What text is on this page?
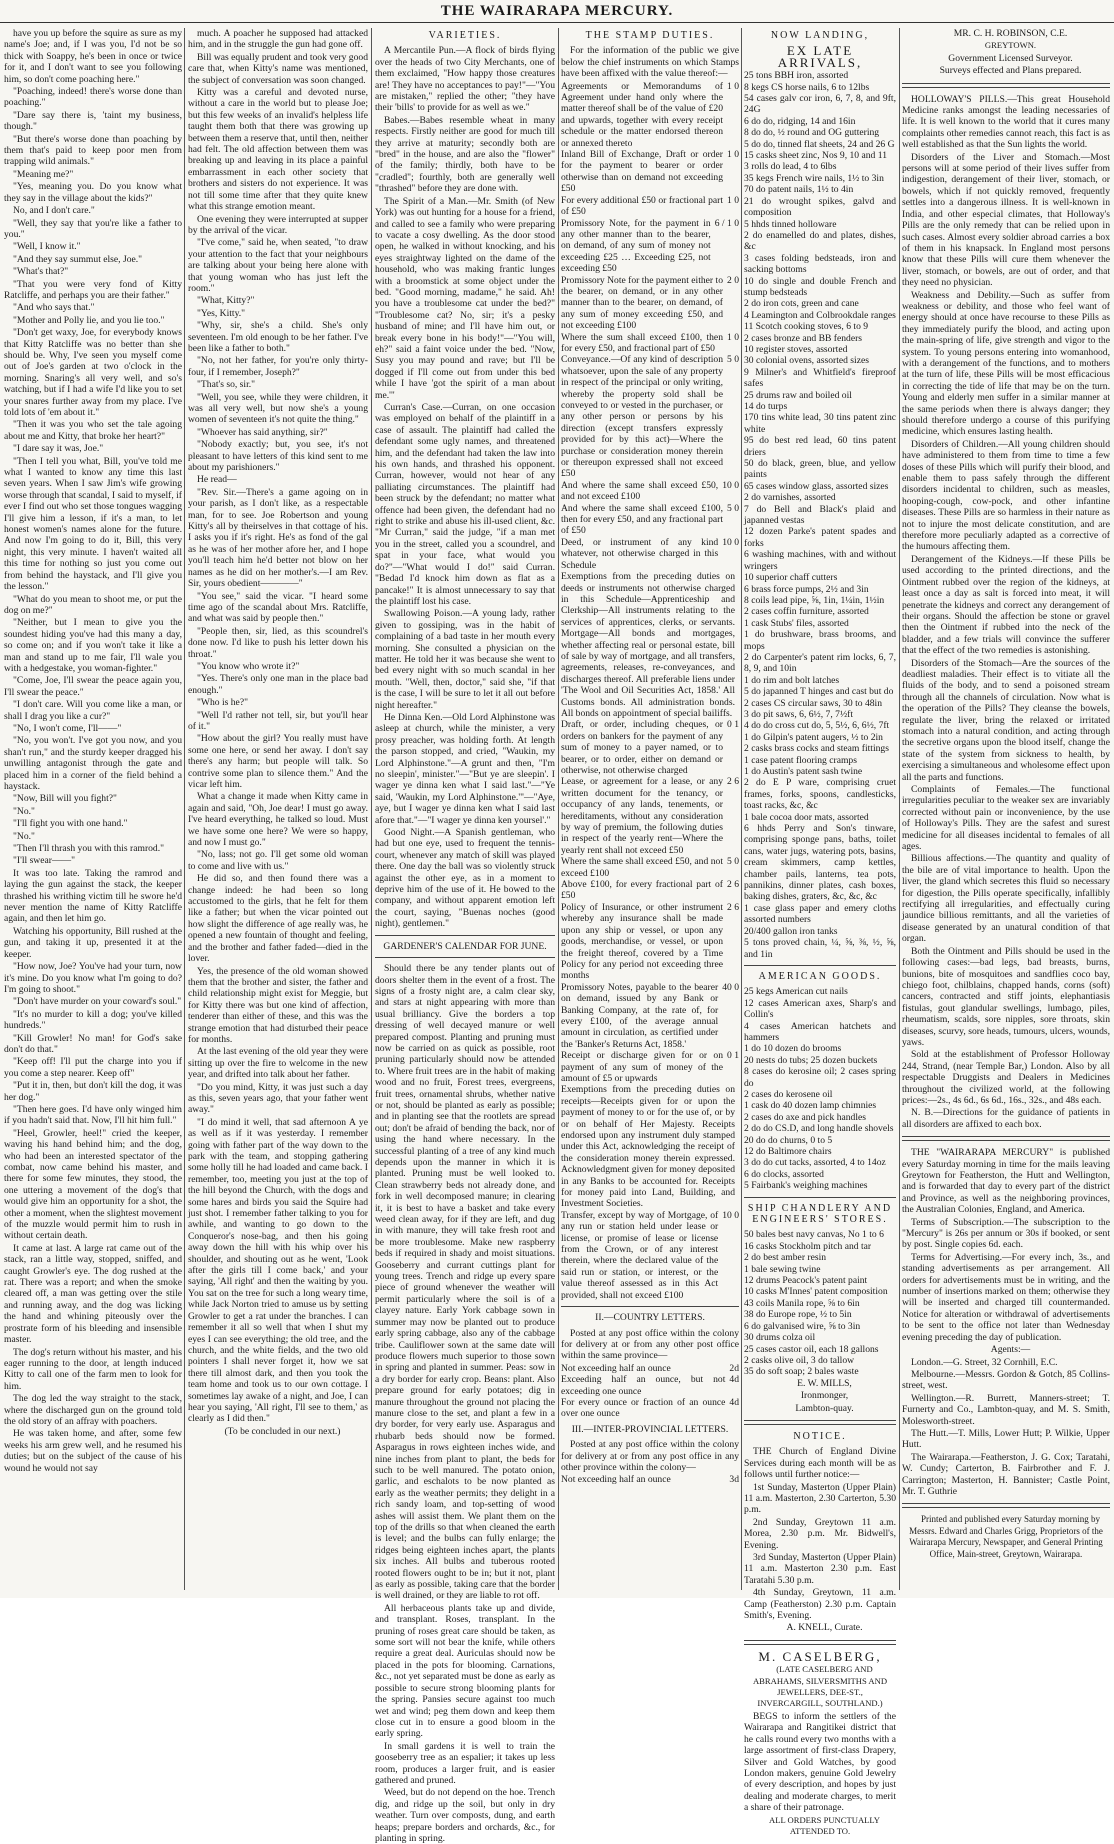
THE WAIRARAPA MERCURY.

have you up before the squire as sure as my name's Joe; and, if I was you, I'd not be so thick with Soappy, he's been in once or twice for it, and I don't want to see you following him, so don't come poaching here."

"Poaching, indeed! there's worse done than poaching."

"Dare say there is, 'taint my business, though."

"But there's worse done than poaching by them that's paid to keep poor men from trapping wild animals."

"Meaning me?"

"Yes, meaning you. Do you know what they say in the village about the kids?"

No, and I don't care."

"Well, they say that you're like a father to you."

"Well, I know it."

"And they say summut else, Joe."

"What's that?"

"That you were very fond of Kitty Ratcliffe, and perhaps you are their father."

"And who says that."

"Mother and Polly lie, and you lie too."

"Don't get waxy, Joe, for everybody knows that Kitty Ratcliffe was no better than she should be. Why, I've seen you myself come out of Joe's garden at two o'clock in the morning. Snaring's all very well, and so's watching, but if I had a wife I'd like you to set your snares further away from my place. I've told lots of 'em about it."

"Then it was you who set the tale agoing about me and Kitty, that broke her heart?"

"I dare say it was, Joe."

"Then I tell you what, Bill, you've told me what I wanted to know any time this last seven years. When I saw Jim's wife growing worse through that scandal, I said to myself, if ever I find out who set those tongues wagging I'll give him a lesson, if it's a man, to let honest women's names alone for the future. And now I'm going to do it, Bill, this very night, this very minute. I haven't waited all this time for nothing so just you come out from behind the haystack, and I'll give you the lesson."

"What do you mean to shoot me, or put the dog on me?"

"Neither, but I mean to give you the soundest hiding you've had this many a day, so come on; and if you won't take it like a man and stand up to me fair, I'll wale you with a hedgestake, you woman-fighter."

"Come, Joe, I'll swear the peace again you, I'll swear the peace."

"I don't care. Will you come like a man, or shall I drag you like a cur?"

"No, I won't come, I'll——"

"No, you won't. I've got you now, and you shan't run," and the sturdy keeper dragged his unwilling antagonist through the gate and placed him in a corner of the field behind a haystack.

"Now, Bill will you fight?"

"No."

"I'll fight you with one hand."

"No."

"Then I'll thrash you with this ramrod."

"I'll swear——"

It was too late. Taking the ramrod and laying the gun against the stack, the keeper thrashed his writhing victim till he swore he'd never mention the name of Kitty Ratcliffe again, and then let him go.

Watching his opportunity, Bill rushed at the gun, and taking it up, presented it at the keeper.

"How now, Joe? You've had your turn, now it's mine. Do you know what I'm going to do? I'm going to shoot."

"Don't have murder on your coward's soul."

"It's no murder to kill a dog; you've killed hundreds."

"Kill Growler! No man! for God's sake don't do that."

"Keep off! I'll put the charge into you if you come a step nearer. Keep off"

"Put it in, then, but don't kill the dog, it was her dog."

"Then here goes. I'd have only winged him if you hadn't said that. Now, I'll hit him full."

"Heel, Growler, heel!" cried the keeper, waving his hand behind him; and the dog, who had been an interested spectator of the combat, now came behind his master, and there for some few minutes, they stood, the one uttering a movement of the dog's that would give him an opportunity for a shot, the other a moment, when the slightest movement of the muzzle would permit him to rush in without certain death.

It came at last. A large rat came out of the stack, ran a little way, stopped, sniffed, and caught Growler's eye. The dog rushed at the rat. There was a report; and when the smoke cleared off, a man was getting over the stile and running away, and the dog was licking the hand and whining piteously over the prostrate form of his bleeding and insensible master.

The dog's return without his master, and his eager running to the door, at length induced Kitty to call one of the farm men to look for him.

The dog led the way straight to the stack, where the discharged gun on the ground told the old story of an affray with poachers.

He was taken home, and after, some few weeks his arm grew well, and he resumed his duties; but on the subject of the cause of his wound he would not say

much. A poacher he supposed had attacked him, and in the struggle the gun had gone off.

Bill was equally prudent and took very good care that, when Kitty's name was mentioned, the subject of conversation was soon changed.

Kitty was a careful and devoted nurse, without a care in the world but to please Joe; but this few weeks of an invalid's helpless life taught them both that there was growing up between them a reserve that, until then, neither had felt. The old affection between them was breaking up and leaving in its place a painful embarrassment in each other society that brothers and sisters do not experience. It was not till some time after that they quite knew what this strange emotion meant.

One evening they were interrupted at supper by the arrival of the vicar.

"I've come," said he, when seated, "to draw your attention to the fact that your neighbours are talking about your being here alone with that young woman who has just left the room."

"What, Kitty?"

"Yes, Kitty."

"Why, sir, she's a child. She's only seventeen. I'm old enough to be her father. I've been like a father to both."

"No, not her father, for you're only thirty-four, if I remember, Joseph?"

"That's so, sir."

"Well, you see, while they were children, it was all very well, but now she's a young women of seventeen it's not quite the thing."

"Whoever has said anything, sir?"

"Nobody exactly; but, you see, it's not pleasant to have letters of this kind sent to me about my parishioners."

He read—

"Rev. Sir.—There's a game agoing on in your parish, as I don't like, as a respectable man, for to see. Joe Robertson and young Kitty's all by theirselves in that cottage of his. I asks you if it's right. He's as fond of the gal as he was of her mother afore her, and I hope you'll teach him he'd better not blow on her names as he did on her mother's.—I am Rev. Sir, yours obedient————"

"You see," said the vicar. "I heard some time ago of the scandal about Mrs. Ratcliffe, and what was said by people then."

"People then, sir, lied, as this scoundrel's done now. I'd like to push his letter down his throat."

"You know who wrote it?"

"Yes. There's only one man in the place bad enough."

"Who is he?"

"Well I'd rather not tell, sir, but you'll hear of it."

"How about the girl? You really must have some one here, or send her away. I don't say there's any harm; but people will talk. So contrive some plan to silence them." And the vicar left him.

What a change it made when Kitty came in again and said, "Oh, Joe dear! I must go away. I've heard everything, he talked so loud. Must we have some one here? We were so happy, and now I must go."

"No, lass; not go. I'll get some old woman to come and live with us."

He did so, and then found there was a change indeed: he had been so long accustomed to the girls, that he felt for them like a father; but when the vicar pointed out how slight the difference of age really was, he opened a new fountain of thought and feeling, and the brother and father faded—died in the lover.

Yes, the presence of the old woman showed them that the brother and sister, the father and child relationship might exist for Meggie, but for Kitty there was but one kind of affection, tenderer than either of these, and this was the strange emotion that had disturbed their peace for months.

At the last evening of the old year they were sitting up over the fire to welcome in the new year, and drifted into talk about her father.

"Do you mind, Kitty, it was just such a day as this, seven years ago, that your father went away."

"I do mind it well, that sad afternoon A ye as well as if it was yesterday. I remember going with father part of the way down to the park with the team, and stopping gathering some holly till he had loaded and came back. I remember, too, meeting you just at the top of the hill beyond the Church, with the dogs and some hares and birds you said the Squire had just shot. I remember father talking to you for awhile, and wanting to go down to the Conqueror's nose-bag, and then his going away down the hill with his whip over his shoulder, and shouting out as he went, 'Look after the girls till I come back,' and your saying, 'All right' and then the waiting by you. You sat on the tree for such a long weary time, while Jack Norton tried to amuse us by setting Growler to get a rat under the branches. I can remember it all so well that when I shut my eyes I can see everything; the old tree, and the church, and the white fields, and the two old pointers I shall never forget it, how we sat there till almost dark, and then you took the team home and took us to our own cottage. I sometimes lay awake of a night, and Joe, I can hear you saying, 'All right, I'll see to them,' as clearly as I did then."

(To be concluded in our next.)

VARIETIES.

A Mercantile Pun.—A flock of birds flying over the heads of two City Merchants, one of them exclaimed, "How happy those creatures are! They have no acceptances to pay!"—"You are mistaken," replied the other; "they have their 'bills' to provide for as well as we."

Babes.—Babes resemble wheat in many respects. Firstly neither are good for much till they arrive at maturity; secondly both are "bred" in the house, and are also the "flower" of the family; thirdly, both have to be "cradled"; fourthly, both are generally well "thrashed" before they are done with.

The Spirit of a Man.—Mr. Smith (of New York) was out hunting for a house for a friend, and called to see a family who were preparing to vacate a cosy dwelling. As the door stood open, he walked in without knocking, and his eyes straightway lighted on the dame of the household, who was making frantic lunges with a broomstick at some object under the bed. "Good morning, madame," he said. Ah! you have a troublesome cat under the bed?" "Troublesome cat? No, sir; it's a pesky husband of mine; and I'll have him out, or break every bone in his body!"—"You will, eh?" said a faint voice under the bed. "Now, Susy you may pound and rave; but I'll be dogged if I'll come out from under this bed while I have 'got the spirit of a man about me.'"

Curran's Case.—Curran, on one occasion was employed on behalf of the plaintiff in a case of assault. The plaintiff had called the defendant some ugly names, and threatened him, and the defendant had taken the law into his own hands, and thrashed his opponent. Curran, however, would not hear of any palliating circumstances. The plaintiff had been struck by the defendant; no matter what offence had been given, the defendant had no right to strike and abuse his ill-used client, &c. "Mr Curran," said the judge, "if a man met you in the street, called you a scoundrel, and spat in your face, what would you do?"—"What would I do!" said Curran. "Bedad I'd knock him down as flat as a pancake!" It is almost unnecessary to say that the plaintiff lost his case.

Swallowing Poison.—A young lady, rather given to gossiping, was in the habit of complaining of a bad taste in her mouth every morning. She consulted a physician on the matter. He told her it was because she went to bed every night with so much scandal in her mouth. "Well, then, doctor," said she, "if that is the case, I will be sure to let it all out before night hereafter."

He Dinna Ken.—Old Lord Alphinstone was asleep at church, while the minister, a very prosy preacher, was holding forth. At length the parson stopped, and cried, "Waukin, my Lord Alphinstone."—A grunt and then, "I'm no sleepin', minister."—"But ye are sleepin'. I wager ye dinna ken what I said last."—"Ye said, 'Waukin, my Lord Alphinstone.'"—"Aye, aye, but I wager ye dinna ken what I said last afore that."—"I wager ye dinna ken yoursel'."

Good Night.—A Spanish gentleman, who had but one eye, used to frequent the tennis-court, whenever any match of skill was played there. One day the ball was so violently struck against the other eye, as in a moment to deprive him of the use of it. He bowed to the company, and without apparent emotion left the court, saying, "Buenas noches (good night), gentlemen."

GARDENER'S CALENDAR FOR JUNE.

Should there be any tender plants out of doors shelter them in the event of a frost. The signs of a frosty night are, a calm clear sky, and stars at night appearing with more than usual brilliancy. Give the borders a top dressing of well decayed manure or well prepared compost. Planting and pruning must now be carried on as quick as possible, root pruning particularly should now be attended to. Where fruit trees are in the habit of making wood and no fruit, Forest trees, evergreens, fruit trees, ornamental shrubs, whether native or not, should be planted as early as possible; and in planting see that the rootlets are spread out; don't be afraid of bending the back, nor of using the hand where necessary. In the successful planting of a tree of any kind much depends upon the manner in which it is planted. Pruning must be well looked to. Clean strawberry beds not already done, and fork in well decomposed manure; in clearing it, it is best to have a basket and take every weed clean away, for if they are left, and dug in with manure, they will take fresh root and be more troublesome. Make new raspberry beds if required in shady and moist situations. Gooseberry and currant cuttings plant for young trees. Trench and ridge up every spare piece of ground whenever the weather will permit particularly where the soil is of a clayey nature. Early York cabbage sown in summer may now be planted out to produce early spring cabbage, also any of the cabbage tribe. Cauliflower sown at the same date will produce flowers much superior to those sown in spring and planted in summer. Peas: sow in a dry border for early crop. Beans: plant. Also prepare ground for early potatoes; dig in manure throughout the ground not placing the manure close to the set, and plant a few in a dry border, for very early use. Asparagus and rhubarb beds should now be formed. Asparagus in rows eighteen inches wide, and nine inches from plant to plant, the beds for such to be well manured. The potato onion, garlic, and eschalots to be now planted as early as the weather permits; they delight in a rich sandy loam, and top-setting of wood ashes will assist them. We plant them on the top of the drills so that when cleaned the earth is level; and the bulbs can fully enlarge; the ridges being eighteen inches apart, the plants six inches. All bulbs and tuberous rooted rooted flowers ought to be in; but it not, plant as early as possible, taking care that the border is well drained, or they are liable to rot off.

All herbaceous plants take up and divide, and transplant. Roses, transplant. In the pruning of roses great care should be taken, as some sort will not bear the knife, while others require a great deal. Auriculas should now be placed in the pots for blooming. Carnations, &c., not yet separated must be done as early as possible to secure strong blooming plants for the spring. Pansies secure against too much wet and wind; peg them down and keep them close cut in to ensure a good bloom in the early spring.

In small gardens it is well to train the gooseberry tree as an espalier; it takes up less room, produces a larger fruit, and is easier gathered and pruned.

Weed, but do not depend on the hoe. Trench dig, and ridge up the soil, but only in dry weather. Turn over composts, dung, and earth heaps; prepare borders and orchards, &c., for planting in spring.

THE STAMP DUTIES.

For the information of the public we give below the chief instruments on which Stamps have been affixed with the value thereof:—

Agreements or Memorandums of Agreement under hand only where the matter thereof shall be of the value of £20 and upwards, together with every receipt schedule or the matter endorsed thereon or annexed thereto
1 0
Inland Bill of Exchange, Draft or order for the payment to bearer or order otherwise than on demand not exceeding £50
1 0
For every additional £50 or fractional part of £50
1 0
Promissory Note, for the payment in any other manner than to the bearer, on demand, of any sum of money not exceeding £25 … Exceeding £25, not exceeding £50
6 / 1 0
Promissory Note for the payment either to the bearer, on demand, or in any other manner than to the bearer, on demand, of any sum of money exceeding £50, and not exceeding £100
2 0
Where the sum shall exceed £100, then for every £50, and fractional part of £50
1 0
Conveyance.—Of any kind of description whatsoever, upon the sale of any property in respect of the principal or only writing, whereby the property sold shall be conveyed to or vested in the purchaser, or any other person or persons by his direction (except transfers expressly provided for by this act)—Where the purchase or consideration money therein or thereupon expressed shall not exceed £50
5 0
And where the same shall exceed £50, and not exceed £100
10 0
And where the same shall exceed £100, then for every £50, and any fractional part of £50
5 0
Deed, or instrument of any kind whatever, not otherwise charged in this Schedule
10 0
Exemptions from the preceding duties on deeds or instruments not otherwise charged in this Schedule—Apprenticeship and Clerkship—All instruments relating to the services of apprentices, clerks, or servants. Mortgage—All bonds and mortgages, whether affecting real or personal estate, bill of sale by way of mortgage, and all transfers, agreements, releases, re-conveyances, and discharges thereof. All preferable liens under 'The Wool and Oil Securities Act, 1858.' All Customs bonds. All administration bonds. All bonds on appointment of special bailiffs.
Draft, or order, including cheques, or orders on bankers for the payment of any sum of money to a payer named, or to bearer, or to order, either on demand or otherwise, not otherwise charged
0 1
Lease, or agreement for a lease, or any written document for the tenancy, or occupancy of any lands, tenements, or hereditaments, without any consideration by way of premium, the following duties in respect of the yearly rent—Where the yearly rent shall not exceed £50
2 6
Where the same shall exceed £50, and not exceed £100
5 0
Above £100, for every fractional part of £50
2 6
Policy of Insurance, or other instrument whereby any insurance shall be made upon any ship or vessel, or upon any goods, merchandise, or vessel, or upon the freight thereof, covered by a Time Policy for any period not exceeding three months
2 6
Promissory Notes, payable to the bearer on demand, issued by any Bank or Banking Company, at the rate of, for every £100, of the average annual amount in circulation, as certified under the 'Banker's Returns Act, 1858.'
40 0
Receipt or discharge given for or on payment of any sum of money of the amount of £5 or upwards
0 1
Exemptions from the preceding duties on receipts—Receipts given for or upon the payment of money to or for the use of, or by or on behalf of Her Majesty. Receipts endorsed upon any instrument duly stamped under this Act, acknowledging the receipt of the consideration money therein expressed. Acknowledgment given for money deposited in any Banks to be accounted for. Receipts for money paid into Land, Building, and Investment Societies.
Transfer, except by way of Mortgage, of any run or station held under lease or license, or promise of lease or license from the Crown, or of any interest therein, where the declared value of the said run or station, or interest, or the value thereof assessed as in this Act provided, shall not exceed £100
10 0
II.—COUNTRY LETTERS.

Posted at any post office within the colony for delivery at or from any other post office within the same province—

Not exceeding half an ounce	2d
Exceeding half an ounce, but not exceeding one ounce
4d
For every ounce or fraction of an ounce over one ounce
4d
III.—INTER-PROVINCIAL LETTERS.

Posted at any post office within the colony for delivery at or from any post office in any other province within the colony—

Not exceeding half an ounce	3d
NOW LANDING,
EX LATE ARRIVALS,
25 tons BBH iron, assorted
8 kegs CS horse nails, 6 to 12lbs
54 cases galv cor iron, 6, 7, 8, and 9ft, 24G
6 do do, ridging, 14 and 16in
8 do do, ½ round and OG guttering
5 do do, tinned flat sheets, 24 and 26 G
15 casks sheet zinc, Nos 9, 10 and 11
3 rolls do lead, 4 to 6lbs
35 kegs French wire nails, 1½ to 3in
70 do patent nails, 1½ to 4in
21 do wrought spikes, galvd and composition
5 hhds tinned holloware
2 do enamelled do and plates, dishes, &c
3 cases folding bedsteads, iron and sacking bottoms
10 do single and double French and stump bedsteads
2 do iron cots, green and cane
4 Leamington and Colbrookdale ranges
11 Scotch cooking stoves, 6 to 9
2 cases bronze and BB fenders
10 register stoves, assorted
30 colonial ovens, assorted sizes
9 Milner's and Whitfield's fireproof safes
25 drums raw and boiled oil
14 do turps
170 tins white lead, 30 tins patent zinc white
95 do best red lead, 60 tins patent driers
50 do black, green, blue, and yellow paints
65 cases window glass, assorted sizes
2 do varnishes, assorted
7 do Bell and Black's plaid and japanned vestas
12 dozen Parke's patent spades and forks
6 washing machines, with and without wringers
10 superior chaff cutters
6 brass force pumps, 2½ and 3in
8 coils lead pipe, ⅝, 1in, 1¼in, 1½in
2 cases coffin furniture, assorted
1 cask Stubs' files, assorted
1 do brushware, brass brooms, and mops
2 do Carpenter's patent rim locks, 6, 7, 8, 9, and 10in
1 do rim and bolt latches
5 do japanned T hinges and cast but do
2 cases CS circular saws, 30 to 48in
3 do pit saws, 6, 6½, 7, 7½ft
4 do do cross cut do, 5, 5½, 6, 6½, 7ft
1 do Gilpin's patent augers, ½ to 2in
2 casks brass cocks and steam fittings
1 case patent flooring cramps
1 do Austin's patent sash twine
2 do E P ware, comprising cruet frames, forks, spoons, candlesticks, toast racks, &c, &c
1 bale cocoa door mats, assorted
6 hhds Perry and Son's tinware, comprising sponge pans, baths, toilet cans, water jugs, watering pots, basins, cream skimmers, camp kettles, chamber pails, lanterns, tea pots, pannikins, dinner plates, cash boxes, baking dishes, graters, &c, &c, &c
1 case glass paper and emery cloths assorted numbers
20/400 gallon iron tanks
5 tons proved chain, ¼, ⅝, ⅜, ½, ⅝, and 1in
AMERICAN GOODS.
25 kegs American cut nails
12 cases American axes, Sharp's and Collin's
4 cases American hatchets and hammers
1 do 10 dozen do brooms
20 nests do tubs; 25 dozen buckets
8 cases do kerosine oil; 2 cases spring do
2 cases do kerosene oil
1 cask do 40 dozen lamp chimnies
2 cases do axe and pick handles
2 do do CS.D, and long handle shovels
20 do do churns, 0 to 5
12 do Baltimore chairs
3 do do cut tacks, assorted, 4 to 14oz
6 do clocks, assorted
5 Fairbank's weighing machines
SHIP CHANDLERY AND ENGINEERS' STORES.
50 bales best navy canvas, No 1 to 6
16 casks Stockholm pitch and tar
2 do best amber resin
1 bale sewing twine
12 drums Peacock's patent paint
10 casks M'Innes' patent composition
43 coils Manila rope, ⅝ to 6in
38 do Europe rope, ½ to 5in
6 do galvanised wire, ⅝ to 3in
30 drums colza oil
25 cases castor oil, each 18 gallons
2 casks olive oil, 3 do tallow
35 do soft soap; 2 bales waste

E. W. MILLS,

Ironmonger,

Lambton-quay.

NOTICE.

THE Church of England Divine Services during each month will be as follows until further notice:—

1st Sunday, Masterton (Upper Plain) 11 a.m. Masterton, 2.30 Carterton, 5.30 p.m.

2nd Sunday, Greytown 11 a.m. Morea, 2.30 p.m. Mr. Bidwell's, Evening.

3rd Sunday, Masterton (Upper Plain) 11 a.m. Masterton 2.30 p.m. East Taratahi 5.30 p.m.

4th Sunday, Greytown, 11 a.m. Camp (Featherston) 2.30 p.m. Captain Smith's, Evening.

A. KNELL, Curate.

M. CASELBERG,

(LATE CASELBERG AND ABRAHAMS, SILVERSMITHS AND JEWELLERS, DEE-ST., INVERCARGILL, SOUTHLAND.)

BEGS to inform the settlers of the Wairarapa and Rangitikei district that he calls round every two months with a large assortment of first-class Drapery, Silver and Gold Watches, by good London makers, genuine Gold Jewelry of every description, and hopes by just dealing and moderate charges, to merit a share of their patronage.

ALL ORDERS PUNCTUALLY ATTENDED TO.

MR. C. H. ROBINSON, C.E.

GREYTOWN.

Government Licensed Surveyor.

Surveys effected and Plans prepared.

HOLLOWAY'S PILLS.—This great Household Medicine ranks amongst the leading necessaries of life. It is well known to the world that it cures many complaints other remedies cannot reach, this fact is as well established as that the Sun lights the world.

Disorders of the Liver and Stomach.—Most persons will at some period of their lives suffer from indigestion, derangement of their liver, stomach, or bowels, which if not quickly removed, frequently settles into a dangerous illness. It is well-known in India, and other especial climates, that Holloway's Pills are the only remedy that can be relied upon in such cases. Almost every soldier abroad carries a box of them in his knapsack. In England most persons know that these Pills will cure them whenever the liver, stomach, or bowels, are out of order, and that they need no physician.

Weakness and Debility.—Such as suffer from weakness or debility, and those who feel want of energy should at once have recourse to these Pills as they immediately purify the blood, and acting upon the main-spring of life, give strength and vigor to the system. To young persons entering into womanhood, with a derangement of the functions, and to mothers at the turn of life, these Pills will be most efficacious in correcting the tide of life that may be on the turn. Young and elderly men suffer in a similar manner at the same periods when there is always danger; they should therefore undergo a course of this purifying medicine, which ensures lasting health.

Disorders of Children.—All young children should have administered to them from time to time a few doses of these Pills which will purify their blood, and enable them to pass safely through the different disorders incidental to children, such as measles, hooping-cough, cow-pock, and other infantine diseases. These Pills are so harmless in their nature as not to injure the most delicate constitution, and are therefore more peculiarly adapted as a corrective of the humours affecting them.

Derangement of the Kidneys.—If these Pills be used according to the printed directions, and the Ointment rubbed over the region of the kidneys, at least once a day as salt is forced into meat, it will penetrate the kidneys and correct any derangement of their organs. Should the affection be stone or gravel then the Ointment if rubbed into the neck of the bladder, and a few trials will convince the sufferer that the effect of the two remedies is astonishing.

Disorders of the Stomach—Are the sources of the deadliest maladies. Their effect is to vitiate all the fluids of the body, and to send a poisoned stream through all the channels of circulation. Now what is the operation of the Pills? They cleanse the bowels, regulate the liver, bring the relaxed or irritated stomach into a natural condition, and acting through the secretive organs upon the blood itself, change the state of the system from sickness to health, by exercising a simultaneous and wholesome effect upon all the parts and functions.

Complaints of Females.—The functional irregularities peculiar to the weaker sex are invariably corrected without pain or inconvenience, by the use of Holloway's Pills. They are the safest and surest medicine for all diseases incidental to females of all ages.

Billious affections.—The quantity and quality of the bile are of vital importance to health. Upon the liver, the gland which secretes this fluid so necessary for digestion, the Pills operate specifically, infallibly rectifying all irregularities, and effectually curing jaundice billious remittants, and all the varieties of disease generated by an unatural condition of that organ.

Both the Ointment and Pills should be used in the following cases:—bad legs, bad breasts, burns, bunions, bite of mosquitoes and sandflies coco bay, chiego foot, chilblains, chapped hands, corns (soft) cancers, contracted and stiff joints, elephantiasis fistulas, gout glandular swellings, lumbago, piles, rheumatism, scalds, sore nipples, sore throats, skin diseases, scurvy, sore heads, tumours, ulcers, wounds, yaws.

Sold at the establishment of Professor Holloway 244, Strand, (near Temple Bar,) London. Also by all respectable Druggists and Dealers in Medicines throughout the civilized world, at the following prices:—2s., 4s 6d., 6s 6d., 16s., 32s., and 48s each.

N. B.—Directions for the guidance of patients in all disorders are affixed to each box.

THE "WAIRARAPA MERCURY" is published every Saturday morning in time for the mails leaving Greytown for Featherston, the Hutt and Wellington, and is forwarded that day to every part of the district and Province, as well as the neighboring provinces, the Australian Colonies, England, and America.

Terms of Subscription.—The subscription to the "Mercury" is 26s per annum or 30s if booked, or sent by post. Single copies 6d. each.

Terms for Advertising.—For every inch, 3s., and standing advertisements as per arrangement. All orders for advertisements must be in writing, and the number of insertions marked on them; otherwise they will be inserted and charged till countermanded. Notice for alteration or withdrawal of advertisements to be sent to the office not later than Wednesday evening preceding the day of publication.

Agents:—

London.—G. Street, 32 Cornhill, E.C.

Melbourne.—Messrs. Gordon & Gotch, 85 Collins-street, west.

Wellington.—R. Burrett, Manners-street; T. Furnerty and Co., Lambton-quay, and M. S. Smith, Molesworth-street.

The Hutt.—T. Mills, Lower Hutt; P. Wilkie, Upper Hutt.

The Wairarapa.—Featherston, J. G. Cox; Taratahi, W. Cundy; Carterton, B. Fairbrother and F. J. Carrington; Masterton, H. Bannister; Castle Point, Mr. T. Guthrie

Printed and published every Saturday morning by Messrs. Edward and Charles Grigg, Proprietors of the Wairarapa Mercury, Newspaper, and General Printing Office, Main-street, Greytown, Wairarapa.
